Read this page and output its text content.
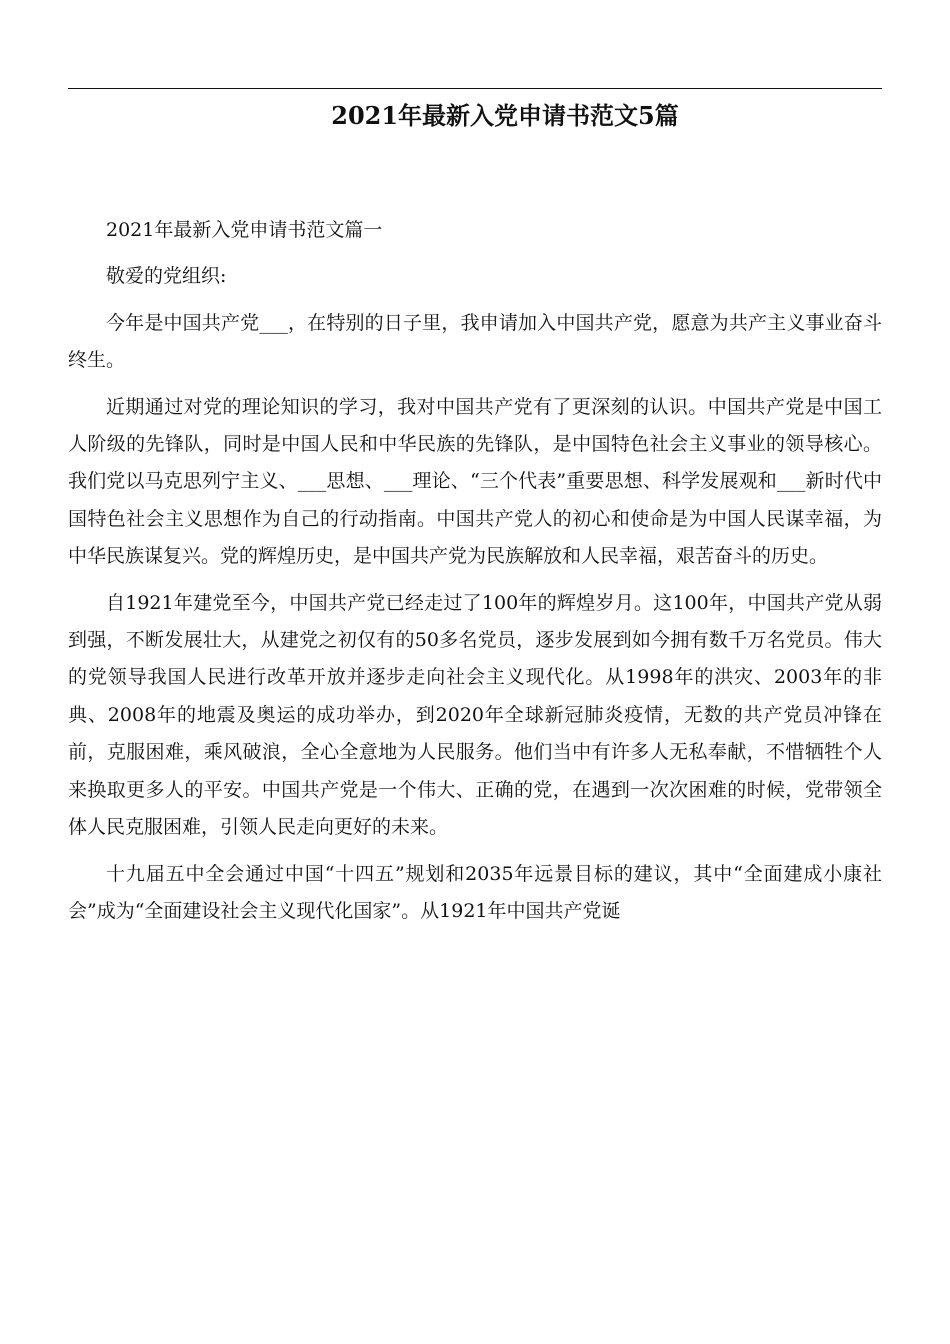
2021年最新入党申请书范文5篇

2021年最新入党申请书范文篇一

敬爱的党组织:

今年是中国共产党___，在特别的日子里，我申请加入中国共产党，愿意为共产主义事业奋斗终生。

近期通过对党的理论知识的学习，我对中国共产党有了更深刻的认识。中国共产党是中国工人阶级的先锋队，同时是中国人民和中华民族的先锋队，是中国特色社会主义事业的领导核心。我们党以马克思列宁主义、___思想、___理论、“三个代表”重要思想、科学发展观和___新时代中国特色社会主义思想作为自己的行动指南。中国共产党人的初心和使命是为中国人民谋幸福，为中华民族谋复兴。党的辉煌历史，是中国共产党为民族解放和人民幸福，艰苦奋斗的历史。

自1921年建党至今，中国共产党已经走过了100年的辉煌岁月。这100年，中国共产党从弱到强，不断发展壮大，从建党之初仅有的50多名党员，逐步发展到如今拥有数千万名党员。伟大的党领导我国人民进行改革开放并逐步走向社会主义现代化。从1998年的洪灾、2003年的非典、2008年的地震及奥运的成功举办，到2020年全球新冠肺炎疫情，无数的共产党员冲锋在前，克服困难，乘风破浪，全心全意地为人民服务。他们当中有许多人无私奉献，不惜牺牲个人来换取更多人的平安。中国共产党是一个伟大、正确的党，在遇到一次次困难的时候，党带领全体人民克服困难，引领人民走向更好的未来。

十九届五中全会通过中国“十四五”规划和2035年远景目标的建议，其中“全面建成小康社会”成为“全面建设社会主义现代化国家”。从1921年中国共产党诞
